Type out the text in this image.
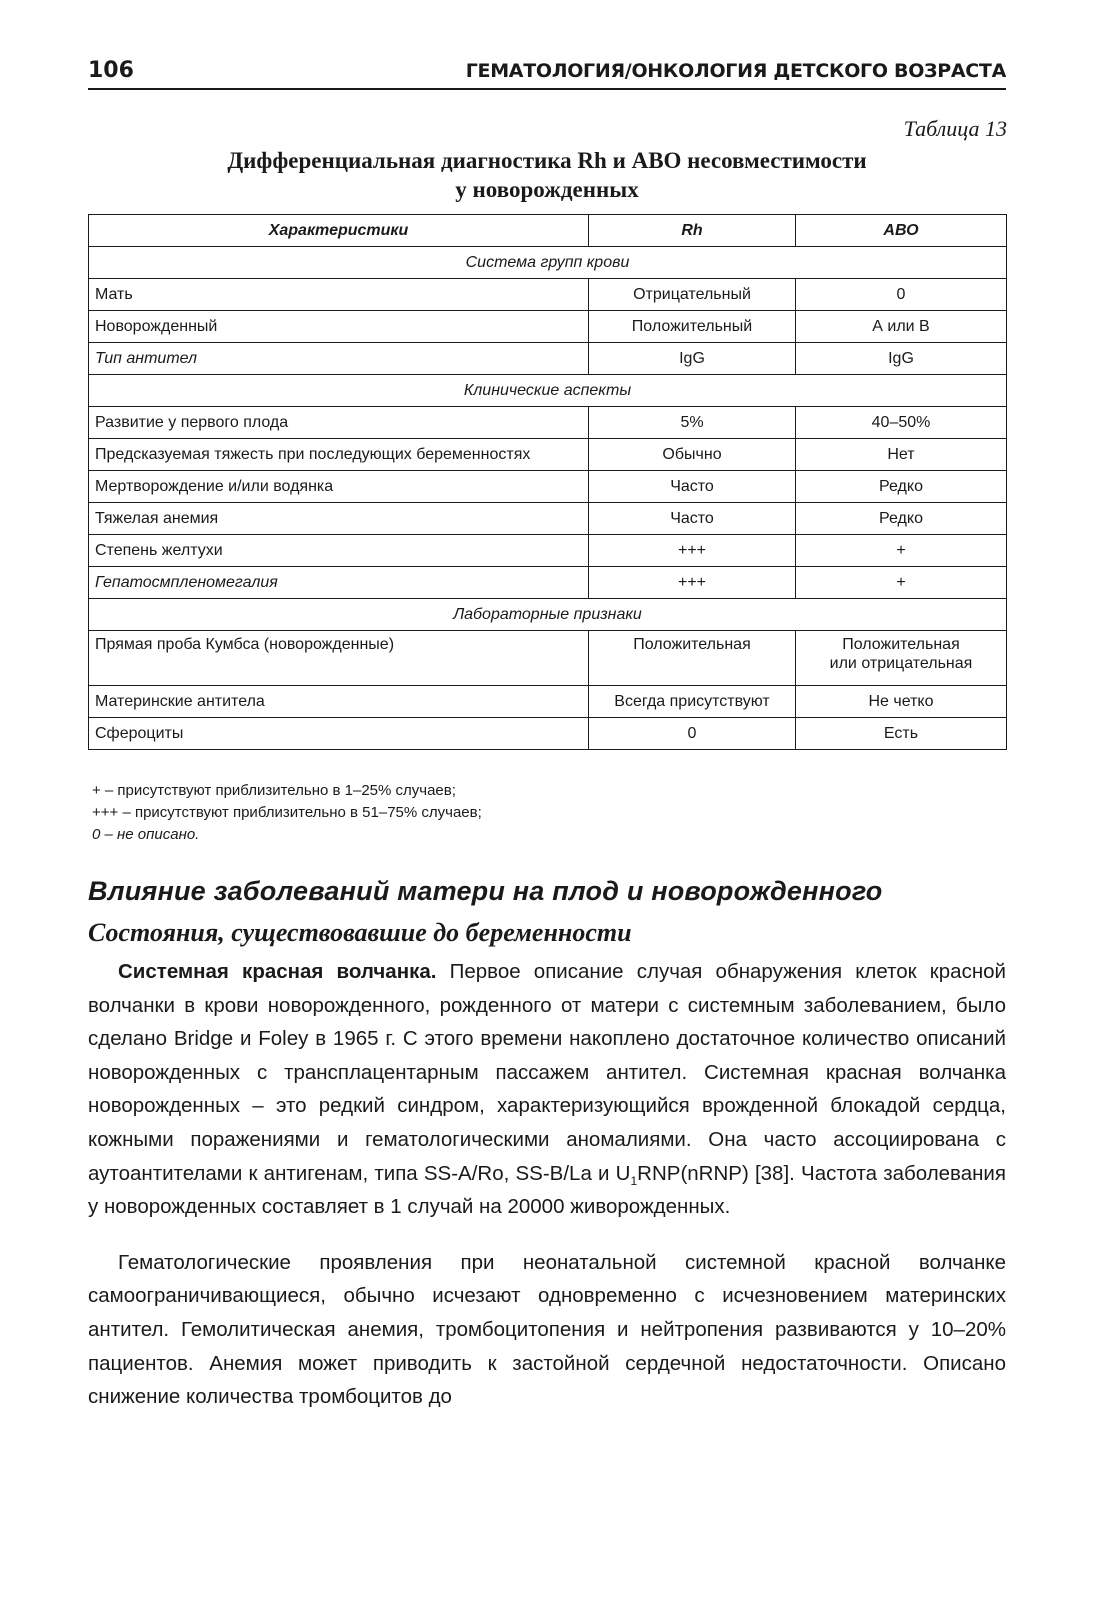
106	ГЕМАТОЛОГИЯ/ОНКОЛОГИЯ ДЕТСКОГО ВОЗРАСТА
Таблица 13
Дифференциальная диагностика Rh и АВО несовместимости
у новорожденных
Характеристики	Rh	АВО
Система групп крови		
Мать	Отрицательный	0
Новорожденный	Положительный	А или В
Тип антител	IgG	IgG
Клинические аспекты		
Развитие у первого плода	5%	40–50%
Предсказуемая тяжесть при последующих беременностях	Обычно	Нет
Мертворождение и/или водянка	Часто	Редко
Тяжелая анемия	Часто	Редко
Степень желтухи	+++	+
Гепатосмпленомегалия	+++	+
Лабораторные признаки		
Прямая проба Кумбса (новорожденные)	Положительная	Положительная
или отрицательная

Материнские антитела	Всегда присутствуют	Не четко
Сфероциты	0	Есть
+ – присутствуют приблизительно в 1–25% случаев;
+++ – присутствуют приблизительно в 51–75% случаев;
0 – не описано.
Влияние заболеваний матери на плод и новорожденного
Состояния, существовавшие до беременности

Системная красная волчанка. Первое описание случая обнаружения клеток красной волчанки в крови новорожденного, рожденного от матери с системным заболеванием, было сделано Bridge и Foley в 1965 г. С этого времени накоплено достаточное количество описаний новорожденных с трансплацентарным пассажем антител. Системная красная волчанка новорожденных – это редкий синдром, характеризующийся врожденной блокадой сердца, кожными поражениями и гематологическими аномалиями. Она часто ассоциирована с аутоантителами к антигенам, типа SS-A/Ro, SS-B/La и $U_1RNP(nRNP)$ [38]. Частота заболевания у новорожденных составляет в 1 случай на 20000 живорожденных.

Гематологические проявления при неонатальной системной красной волчанке самоограничивающиеся, обычно исчезают одновременно с исчезновением материнских антител. Гемолитическая анемия, тромбоцитопения и нейтропения развиваются у 10–20% пациентов. Анемия может приводить к застойной сердечной недостаточности. Описано снижение количества тромбоцитов до
